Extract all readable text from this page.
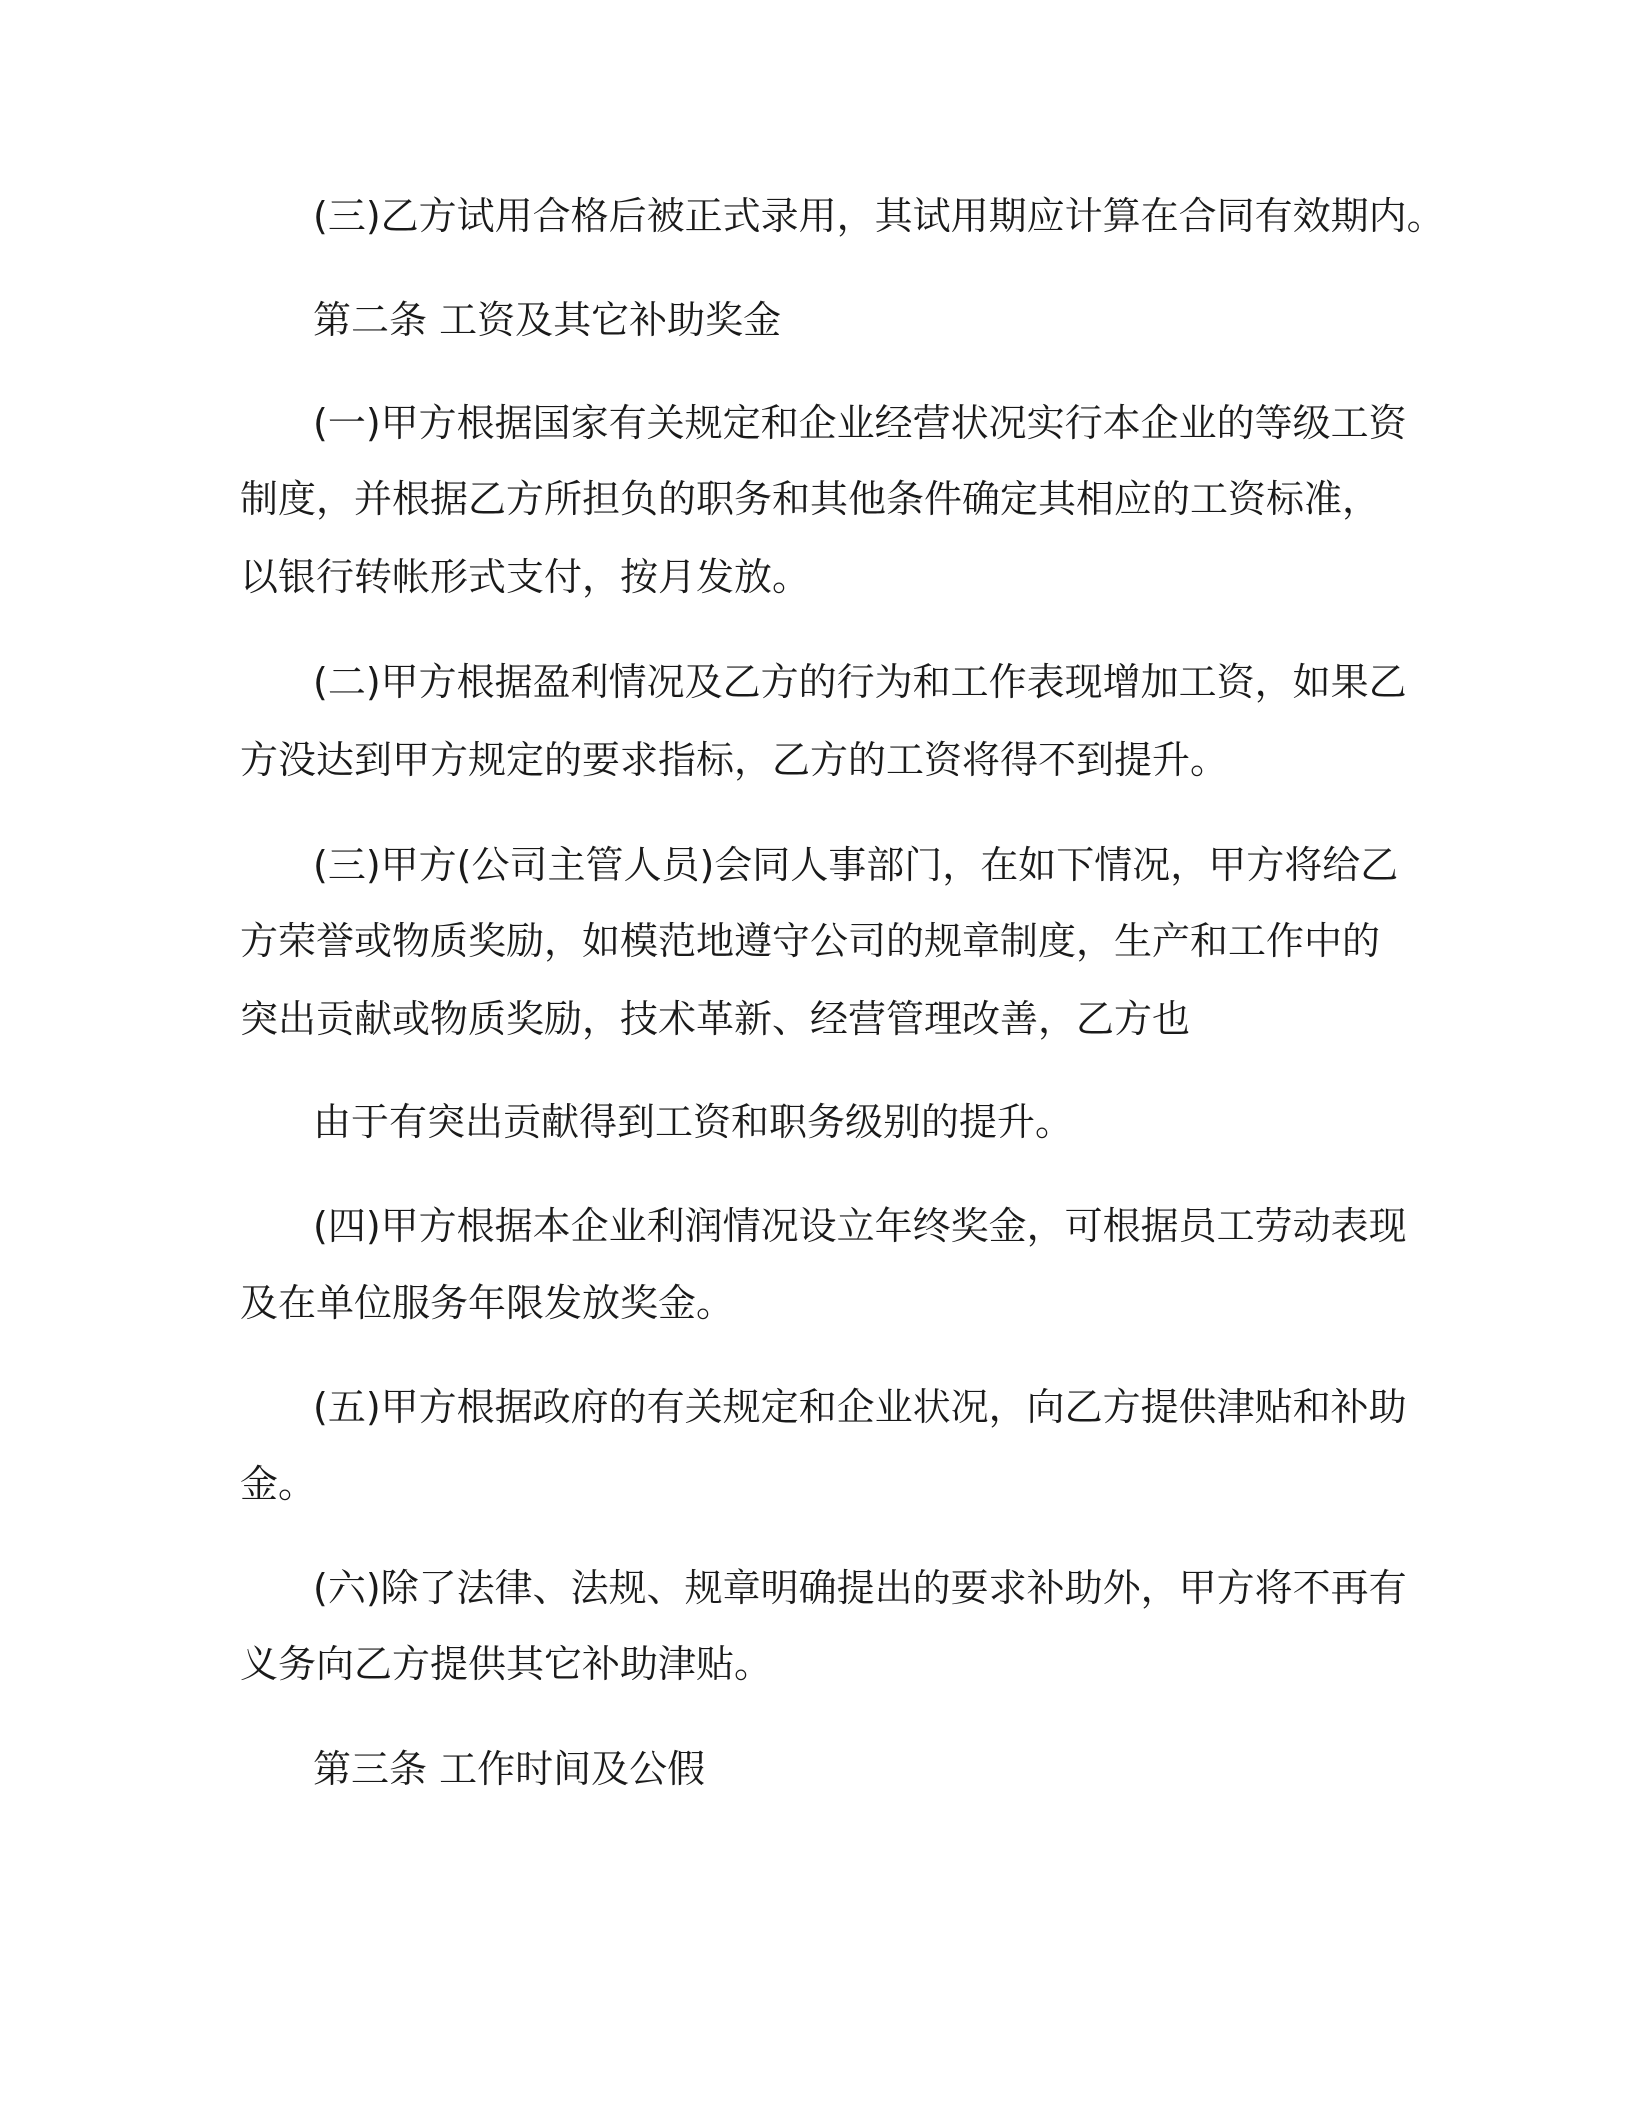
(三)乙方试用合格后被正式录用，其试用期应计算在合同有效期内。
第二条 工资及其它补助奖金
(一)甲方根据国家有关规定和企业经营状况实行本企业的等级工资
制度，并根据乙方所担负的职务和其他条件确定其相应的工资标准，
以银行转帐形式支付，按月发放。
(二)甲方根据盈利情况及乙方的行为和工作表现增加工资，如果乙
方没达到甲方规定的要求指标，乙方的工资将得不到提升。
(三)甲方(公司主管人员)会同人事部门，在如下情况，甲方将给乙
方荣誉或物质奖励，如模范地遵守公司的规章制度，生产和工作中的
突出贡献或物质奖励，技术革新、经营管理改善，乙方也
由于有突出贡献得到工资和职务级别的提升。
(四)甲方根据本企业利润情况设立年终奖金，可根据员工劳动表现
及在单位服务年限发放奖金。
(五)甲方根据政府的有关规定和企业状况，向乙方提供津贴和补助
金。
(六)除了法律、法规、规章明确提出的要求补助外，甲方将不再有
义务向乙方提供其它补助津贴。
第三条 工作时间及公假
